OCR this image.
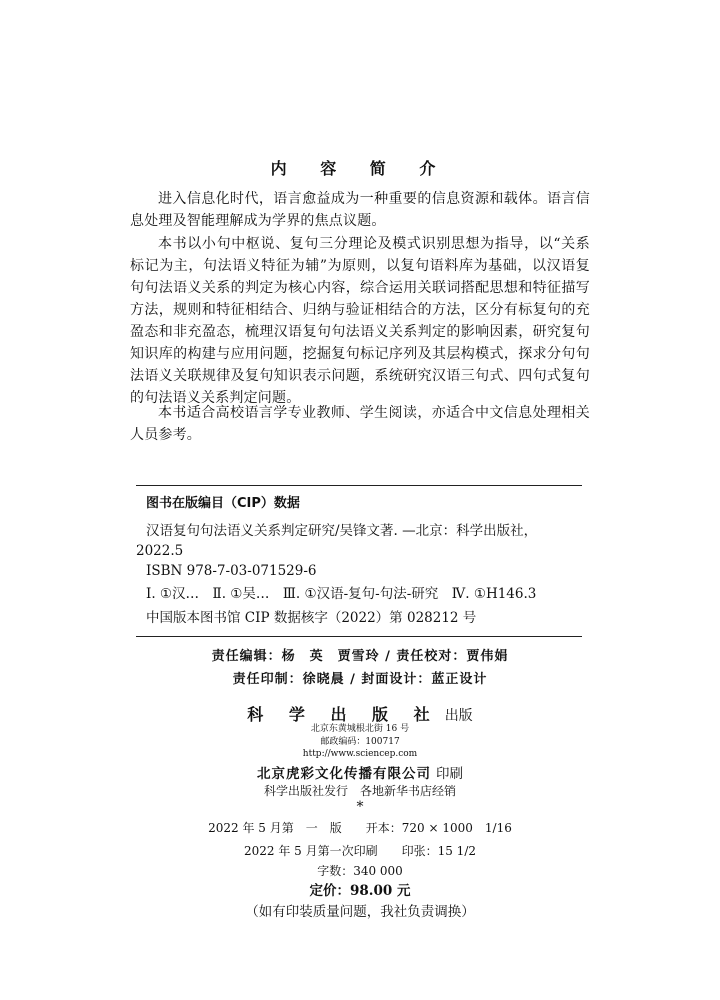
内 容 简 介
进入信息化时代，语言愈益成为一种重要的信息资源和载体。语言信息处理及智能理解成为学界的焦点议题。
本书以小句中枢说、复句三分理论及模式识别思想为指导，以“关系标记为主，句法语义特征为辅”为原则，以复句语料库为基础，以汉语复句句法语义关系的判定为核心内容，综合运用关联词搭配思想和特征描写方法，规则和特征相结合、归纳与验证相结合的方法，区分有标复句的充盈态和非充盈态，梳理汉语复句句法语义关系判定的影响因素，研究复句知识库的构建与应用问题，挖掘复句标记序列及其层构模式，探求分句句法语义关联规律及复句知识表示问题，系统研究汉语三句式、四句式复句的句法语义关系判定问题。
本书适合高校语言学专业教师、学生阅读，亦适合中文信息处理相关人员参考。
图书在版编目（CIP）数据
汉语复句句法语义关系判定研究/吴锋文著. —北京：科学出版社，
2022.5
ISBN 978-7-03-071529-6
Ⅰ. ①汉…　Ⅱ. ①吴…　Ⅲ. ①汉语-复句-句法-研究　Ⅳ. ①H146.3
中国版本图书馆 CIP 数据核字（2022）第 028212 号
责任编辑：杨　英　贾雪玲 / 责任校对：贾伟娟
责任印制：徐晓晨 / 封面设计：蓝正设计
科 学 出 版 社 出版
北京东黄城根北街 16 号
邮政编码：100717
http://www.sciencep.com
北京虎彩文化传播有限公司 印刷
科学出版社发行　各地新华书店经销
*
2022 年 5 月第　一　版　　开本：720 × 1000　1/16
2022 年 5 月第一次印刷　　印张：15 1/2
字数：340 000
定价：98.00 元
（如有印装质量问题，我社负责调换）
